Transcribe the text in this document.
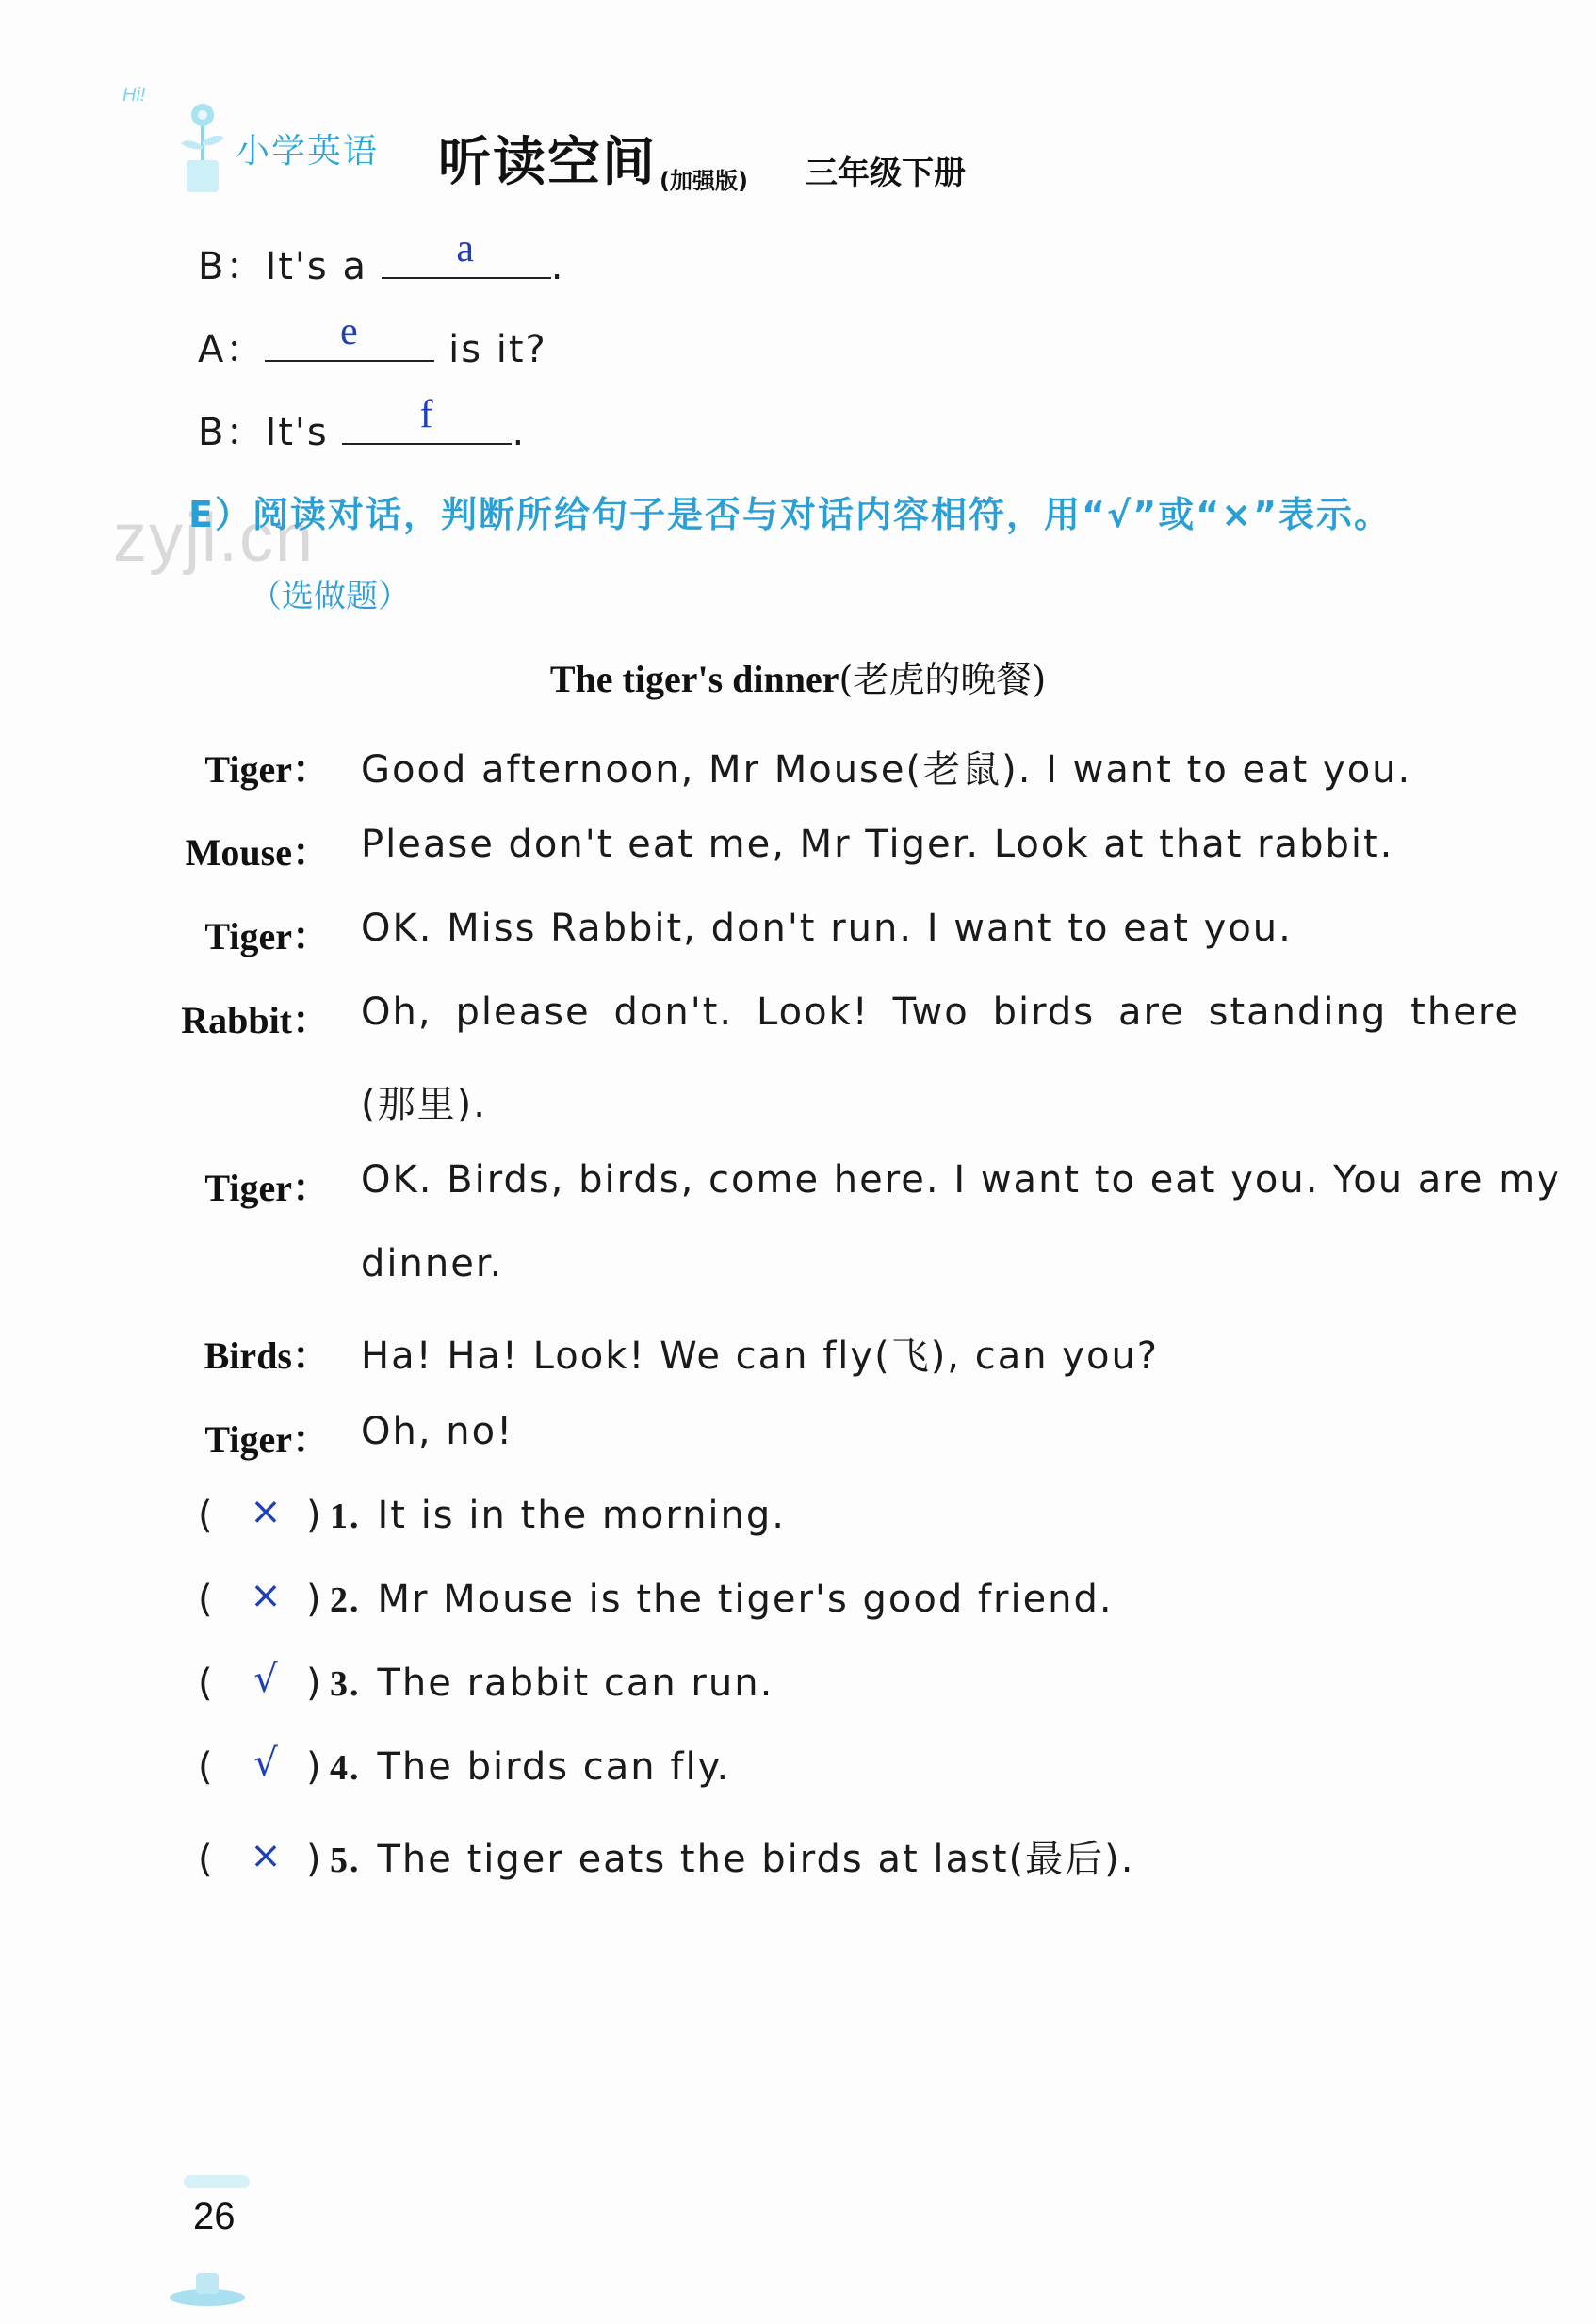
Hi!
小学英语 听读空间 (加强版) 三年级下册
B：It's a	a	.
A：	e	is it?
B：It's	f	.
zyjl.cn
E）阅读对话，判断所给句子是否与对话内容相符，用“√”或“×”表示。
（选做题）
The tiger's dinner(老虎的晚餐)
Tiger： Good afternoon, Mr Mouse(老鼠). I want to eat you.
Mouse： Please don't eat me, Mr Tiger. Look at that rabbit.
Tiger： OK. Miss Rabbit, don't run. I want to eat you.
Rabbit： Oh, please don't. Look! Two birds are standing there
(那里).
Tiger： OK. Birds, birds, come here. I want to eat you. You are my
dinner.
Birds： Ha! Ha! Look! We can fly(飞), can you?
Tiger： Oh, no!
( × ) 1. It is in the morning.
( × ) 2. Mr Mouse is the tiger's good friend.
( √ ) 3. The rabbit can run.
( √ ) 4. The birds can fly.
( × ) 5. The tiger eats the birds at last(最后).
26
